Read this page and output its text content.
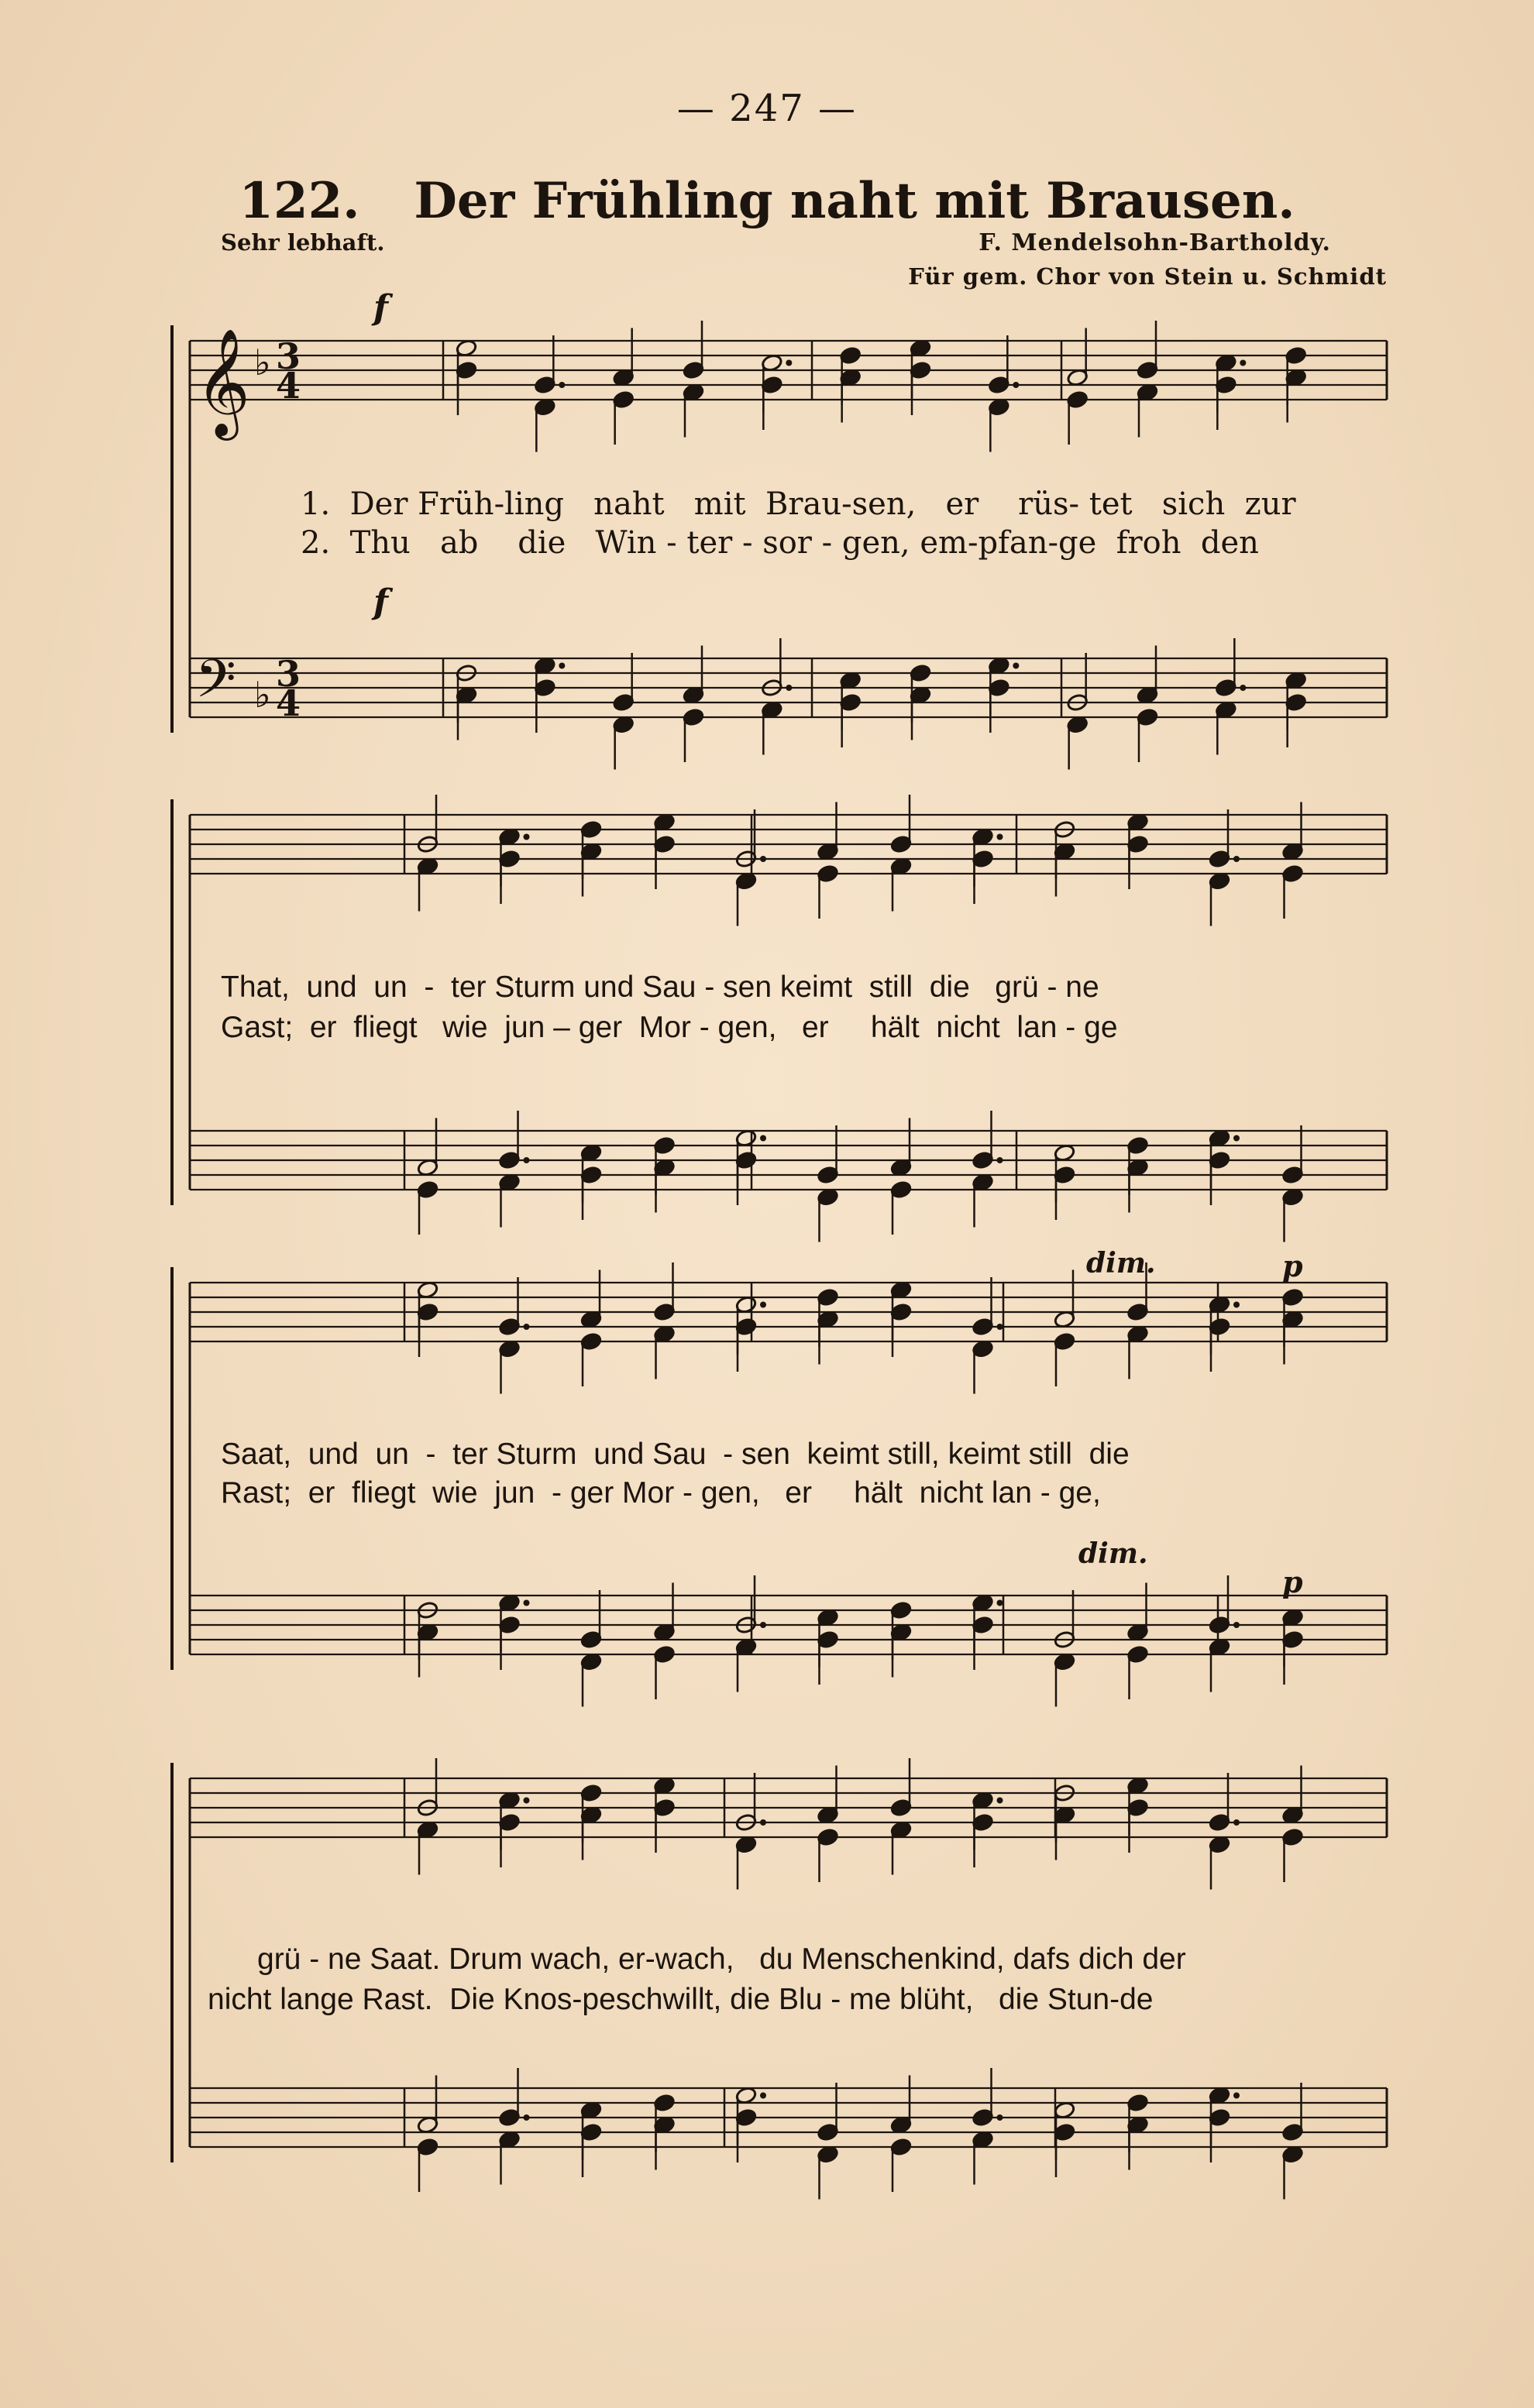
— 247 —
122. Der Frühling naht mit Brausen.
Sehr lebhaft.	F. Mendelsohn-Bartholdy.
Für gem. Chor von Stein u. Schmidt
𝄞 ♭ 3
4
𝄢 ♭ 3
4
1.  Der Früh-ling   naht   mit  Brau-sen,   er    rüs- tet   sich  zur
2.  Thu   ab    die   Win - ter - sor - gen, em-pfan-ge  froh  den
That,  und  un  -  ter Sturm und Sau - sen keimt  still  die   grü - ne
Gast;  er  fliegt   wie  jun – ger  Mor - gen,   er     hält  nicht  lan - ge
Saat,  und  un  -  ter Sturm  und Sau  - sen  keimt still, keimt still  die
Rast;  er  fliegt  wie  jun  - ger Mor - gen,   er     hält  nicht lan - ge,
grü - ne Saat. Drum wach, er-wach,   du Menschenkind, dafs dich der
nicht lange Rast.  Die Knos-peschwillt, die Blu - me blüht,   die Stun-de
f
f
dim.	p
dim.
p
